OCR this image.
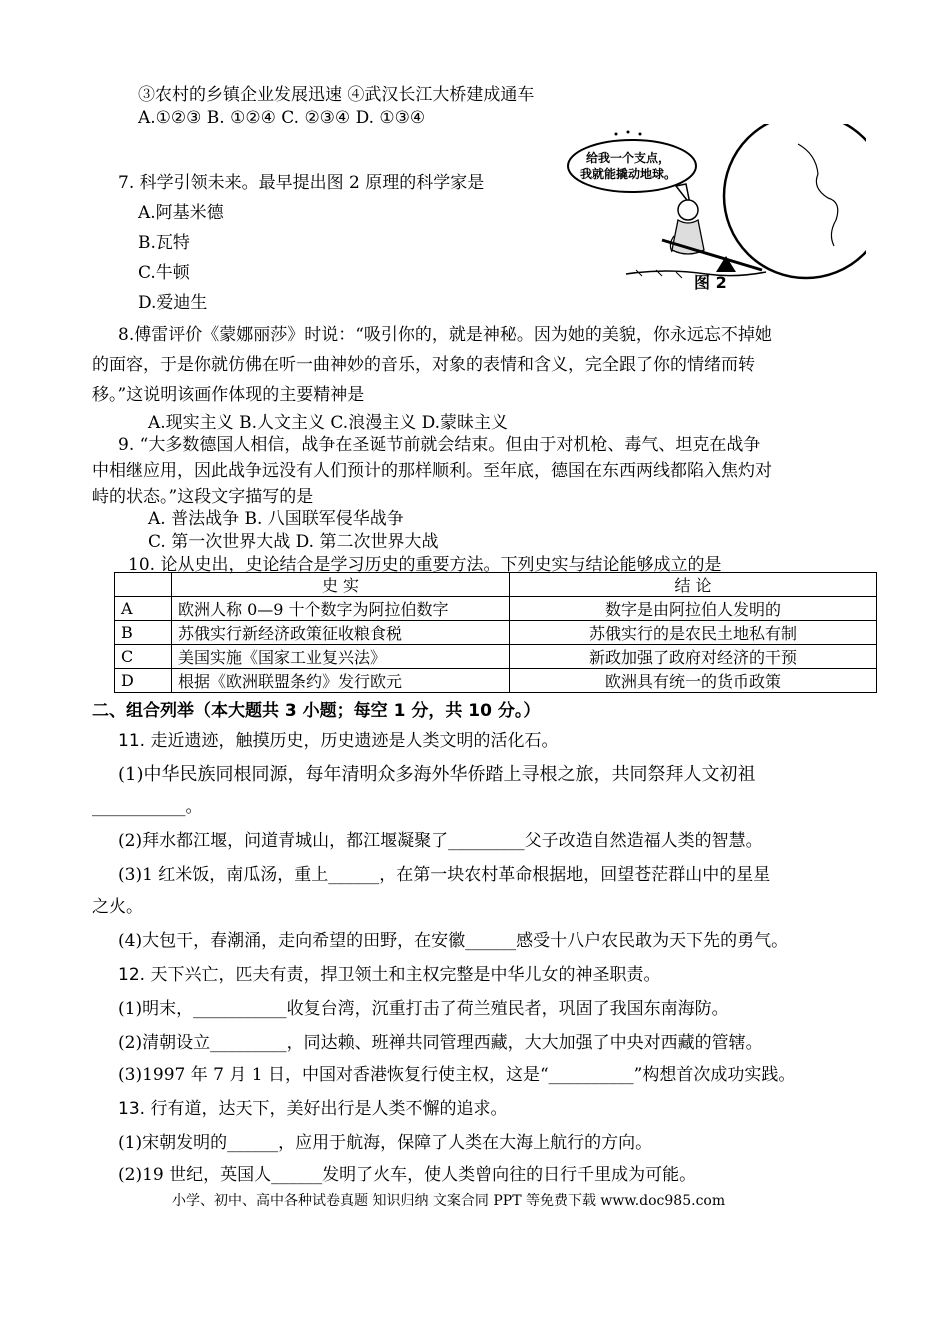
③农村的乡镇企业发展迅速 ④武汉长江大桥建成通车
A.①②③ B. ①②④ C. ②③④ D. ①③④
7. 科学引领未来。最早提出图 2 原理的科学家是
A.阿基米德
B.瓦特
C.牛顿
D.爱迪生
给我一个支点，
我就能撬动地球。
图 2
8.傅雷评价《蒙娜丽莎》时说：“吸引你的，就是神秘。因为她的美貌，你永远忘不掉她
的面容，于是你就仿佛在听一曲神妙的音乐，对象的表情和含义，完全跟了你的情绪而转
移。”这说明该画作体现的主要精神是
A.现实主义 B.人文主义 C.浪漫主义 D.蒙昧主义
9. “大多数德国人相信，战争在圣诞节前就会结束。但由于对机枪、毒气、坦克在战争
中相继应用，因此战争远没有人们预计的那样顺利。至年底，德国在东西两线都陷入焦灼对
峙的状态。”这段文字描写的是
A. 普法战争 B. 八国联军侵华战争
C. 第一次世界大战 D. 第二次世界大战
10. 论从史出，史论结合是学习历史的重要方法。下列史实与结论能够成立的是
	史 实	结 论
A	欧洲人称 0—9 十个数字为阿拉伯数字	数字是由阿拉伯人发明的
B	苏俄实行新经济政策征收粮食税	苏俄实行的是农民土地私有制
C	美国实施《国家工业复兴法》	新政加强了政府对经济的干预
D	根据《欧洲联盟条约》发行欧元	欧洲具有统一的货币政策
二、组合列举（本大题共 3 小题；每空 1 分，共 10 分。）
11. 走近遗迹，触摸历史，历史遗迹是人类文明的活化石。
(1)中华民族同根同源，每年清明众多海外华侨踏上寻根之旅，共同祭拜人文初祖
___________。
(2)拜水都江堰，问道青城山，都江堰凝聚了_________父子改造自然造福人类的智慧。
(3)1 红米饭，南瓜汤，重上______，在第一块农村革命根据地，回望苍茫群山中的星星
之火。
(4)大包干，春潮涌，走向希望的田野，在安徽______感受十八户农民敢为天下先的勇气。
12. 天下兴亡，匹夫有责，捍卫领土和主权完整是中华儿女的神圣职责。
(1)明末，___________收复台湾，沉重打击了荷兰殖民者，巩固了我国东南海防。
(2)清朝设立_________，同达赖、班禅共同管理西藏，大大加强了中央对西藏的管辖。
(3)1997 年 7 月 1 日，中国对香港恢复行使主权，这是“__________”构想首次成功实践。
13. 行有道，达天下，美好出行是人类不懈的追求。
(1)宋朝发明的______，应用于航海，保障了人类在大海上航行的方向。
(2)19 世纪，英国人______发明了火车，使人类曾向往的日行千里成为可能。
小学、初中、高中各种试卷真题 知识归纳 文案合同 PPT 等免费下载 www.doc985.com
